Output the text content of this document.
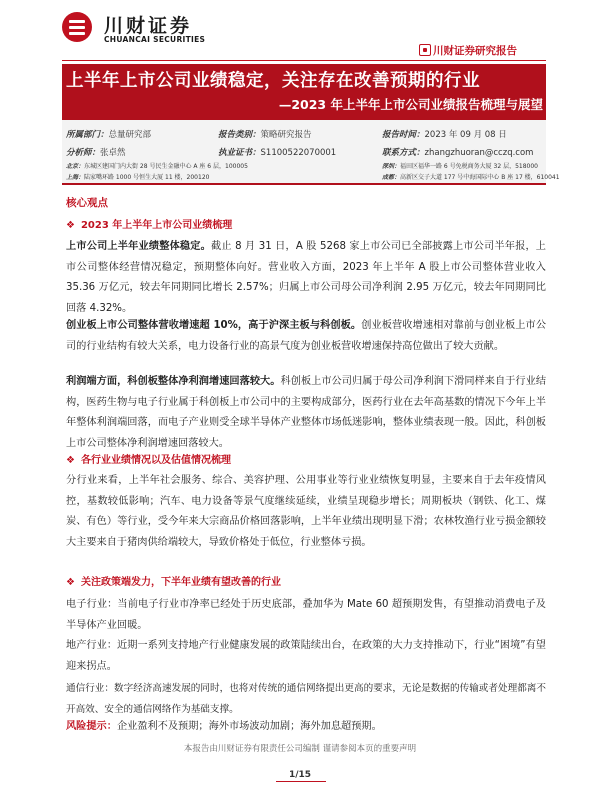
川财证券
CHUANCAI SECURITIES
川财证券研究报告
上半年上市公司业绩稳定，关注存在改善预期的行业
—2023 年上半年上市公司业绩报告梳理与展望
所属部门：总量研究部	报告类别：策略研究报告	报告时间：2023 年 09 月 08 日
分析师：张卓然	执业证书：S1100522070001	联系方式：zhangzhuoran@cczq.com
北京：东城区建国门内大街 28 号民生金融中心 A 座 6 层，100005	深圳：福田区福华一路 6 号免税商务大厦 32 层，518000
上海：陆家嘴环路 1000 号恒生大厦 11 楼，200120	成都：高新区交子大道 177 号中海国际中心 B 座 17 楼，610041
核心观点
❖ 2023 年上半年上市公司业绩梳理
上市公司上半年业绩整体稳定。截止 8 月 31 日，A 股 5268 家上市公司已全部披露上市公司半年报，上市公司整体经营情况稳定，预期整体向好。营业收入方面，2023 年上半年 A 股上市公司整体营业收入 35.36 万亿元，较去年同期同比增长 2.57%；归属上市公司母公司净利润 2.95 万亿元，较去年同期同比回落 4.32%。
创业板上市公司整体营收增速超 10%，高于沪深主板与科创板。创业板营收增速相对靠前与创业板上市公司的行业结构有较大关系，电力设备行业的高景气度为创业板营收增速保持高位做出了较大贡献。
利润端方面，科创板整体净利润增速回落较大。科创板上市公司归属于母公司净利润下滑同样来自于行业结构，医药生物与电子行业属于科创板上市公司中的主要构成部分，医药行业在去年高基数的情况下今年上半年整体利润端回落，而电子产业则受全球半导体产业整体市场低迷影响，整体业绩表现一般。因此，科创板上市公司整体净利润增速回落较大。
❖ 各行业业绩情况以及估值情况梳理
分行业来看，上半年社会服务、综合、美容护理、公用事业等行业业绩恢复明显，主要来自于去年疫情风控，基数较低影响；汽车、电力设备等景气度继续延续，业绩呈现稳步增长；周期板块（钢铁、化工、煤炭、有色）等行业，受今年来大宗商品价格回落影响，上半年业绩出现明显下滑；农林牧渔行业亏损金额较大主要来自于猪肉供给端较大，导致价格处于低位，行业整体亏损。
❖ 关注政策端发力，下半年业绩有望改善的行业
电子行业：当前电子行业市净率已经处于历史底部，叠加华为 Mate 60 超预期发售，有望推动消费电子及半导体产业回暖。
地产行业：近期一系列支持地产行业健康发展的政策陆续出台，在政策的大力支持推动下，行业“困境”有望迎来拐点。
通信行业：数字经济高速发展的同时，也将对传统的通信网络提出更高的要求，无论是数据的传输或者处理都离不开高效、安全的通信网络作为基础支撑。
风险提示：企业盈利不及预期；海外市场波动加剧；海外加息超预期。
本报告由川财证券有限责任公司编制 谨请参阅本页的重要声明
1/15
